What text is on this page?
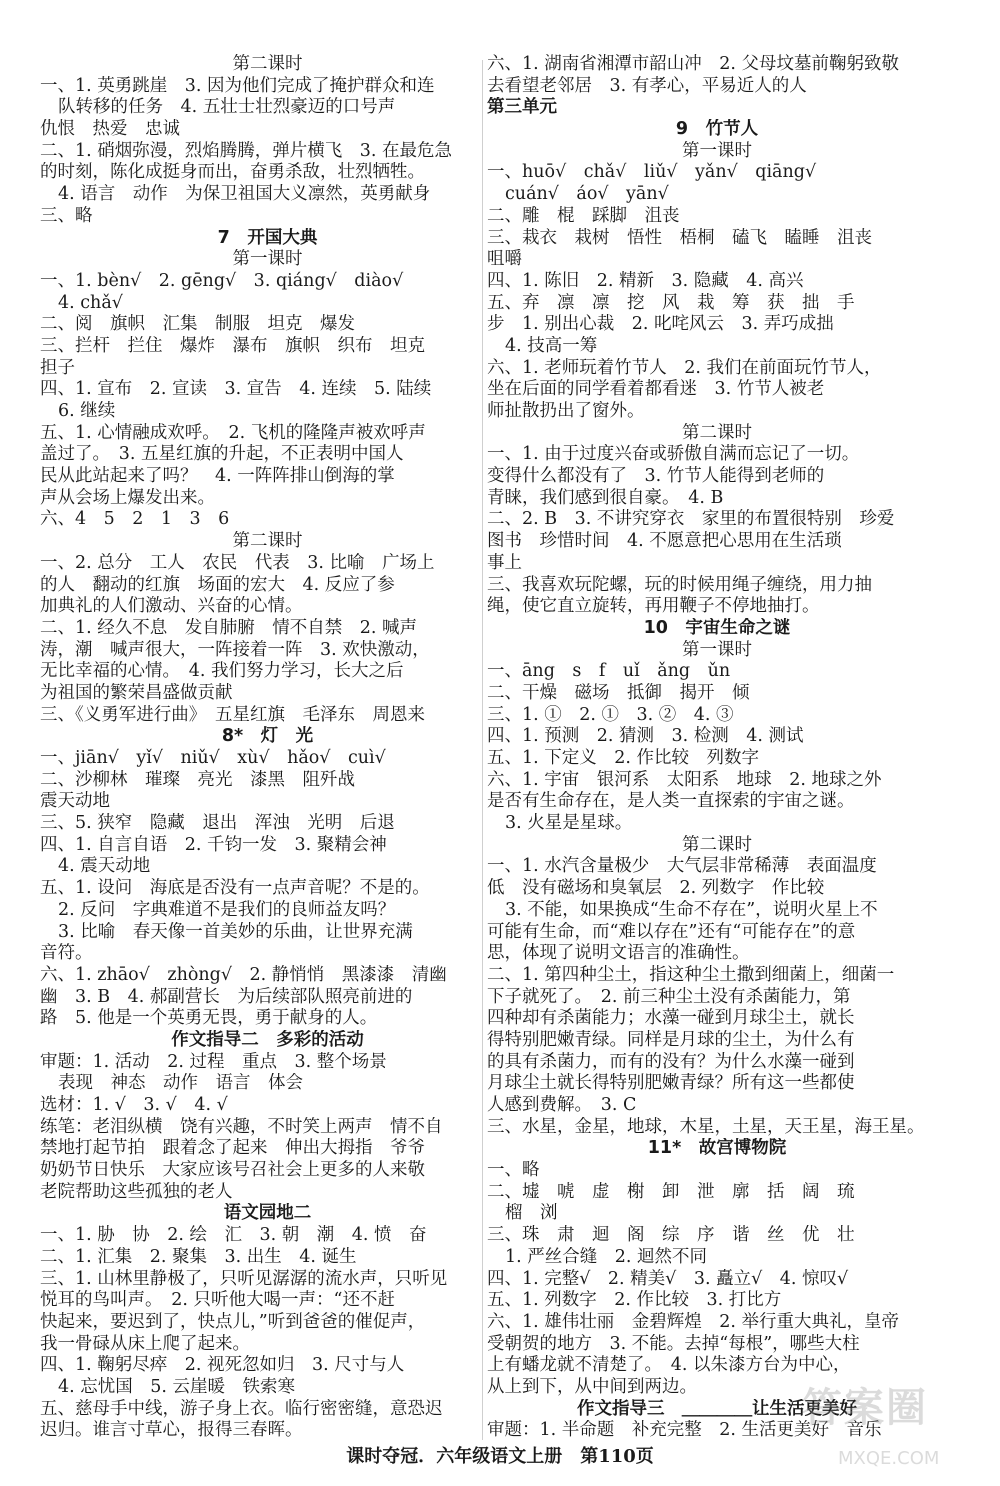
第二课时
一、1. 英勇跳崖　3. 因为他们完成了掩护群众和连
队转移的任务　4. 五壮士壮烈豪迈的口号声
仇恨　热爱　忠诚
二、1. 硝烟弥漫，烈焰腾腾，弹片横飞　3. 在最危急
的时刻，陈化成挺身而出，奋勇杀敌，壮烈牺牲。
4. 语言　动作　为保卫祖国大义凛然，英勇献身
三、略
7　开国大典
第一课时
一、1. bèn√　2. gēng√　3. qiáng√　diào√
4. chǎ√
二、阅　旗帜　汇集　制服　坦克　爆发
三、拦杆　拦住　爆炸　瀑布　旗帜　织布　坦克
担子
四、1. 宣布　2. 宣读　3. 宣告　4. 连续　5. 陆续
6. 继续
五、1. 心情融成欢呼。　2. 飞机的隆隆声被欢呼声
盖过了。　3. 五星红旗的升起，不正表明中国人
民从此站起来了吗？　4. 一阵阵排山倒海的掌
声从会场上爆发出来。
六、4　5　2　1　3　6
第二课时
一、2. 总分　工人　农民　代表　3. 比喻　广场上
的人　翻动的红旗　场面的宏大　4. 反应了参
加典礼的人们激动、兴奋的心情。
二、1. 经久不息　发自肺腑　情不自禁　2. 喊声
涛，潮　喊声很大，一阵接着一阵　3. 欢快激动，
无比幸福的心情。　4. 我们努力学习，长大之后
为祖国的繁荣昌盛做贡献
三、《义勇军进行曲》　五星红旗　毛泽东　周恩来
8*　灯　光
一、jiān√　yǐ√　niǔ√　xù√　hǎo√　cuì√
二、沙柳林　璀璨　亮光　漆黑　阻歼战
震天动地
三、5. 狭窄　隐藏　退出　浑浊　光明　后退
四、1. 自言自语　2. 千钧一发　3. 聚精会神
4. 震天动地
五、1. 设问　海底是否没有一点声音呢？不是的。
2. 反问　字典难道不是我们的良师益友吗？
3. 比喻　春天像一首美妙的乐曲，让世界充满
音符。
六、1. zhāo√　zhòng√　2. 静悄悄　黑漆漆　清幽
幽　3. B　4. 郝副营长　为后续部队照亮前进的
路　5. 他是一个英勇无畏，勇于献身的人。
作文指导二　多彩的活动
审题：1. 活动　2. 过程　重点　3. 整个场景
表现　神态　动作　语言　体会
选材：1. √　3. √　4. √
练笔：老泪纵横　饶有兴趣，不时笑上两声　情不自
禁地打起节拍　跟着念了起来　伸出大拇指　爷爷
奶奶节日快乐　大家应该号召社会上更多的人来敬
老院帮助这些孤独的老人
语文园地二
一、1. 胁　协　2. 绘　汇　3. 朝　潮　4. 愤　奋
二、1. 汇集　2. 聚集　3. 出生　4. 诞生
三、1. 山林里静极了，只听见潺潺的流水声，只听见
悦耳的鸟叫声。　2. 只听他大喝一声：“还不赶
快起来，要迟到了，快点儿，”听到爸爸的催促声，
我一骨碌从床上爬了起来。
四、1. 鞠躬尽瘁　2. 视死忽如归　3. 尺寸与人
4. 忘忧国　5. 云崖暖　铁索寒
五、慈母手中线，游子身上衣。临行密密缝，意恐迟
迟归。谁言寸草心，报得三春晖。
六、1. 湖南省湘潭市韶山冲　2. 父母坟墓前鞠躬致敬
去看望老邻居　3. 有孝心，平易近人的人
第三单元
9　竹节人
第一课时
一、huō√　chǎ√　liǔ√　yǎn√　qiāng√
cuán√　áo√　yān√
二、雕　棍　踩脚　沮丧
三、栽衣　栽树　悟性　梧桐　磕飞　瞌睡　沮丧
咀嚼
四、1. 陈旧　2. 精新　3. 隐藏　4. 高兴
五、弃　凛　凛　挖　风　栽　筹　获　拙　手
步　1. 别出心裁　2. 叱咤风云　3. 弄巧成拙
4. 技高一筹
六、1. 老师玩着竹节人　2. 我们在前面玩竹节人，
坐在后面的同学看着都看迷　3. 竹节人被老
师扯散扔出了窗外。
第二课时
一、1. 由于过度兴奋或骄傲自满而忘记了一切。
变得什么都没有了　3. 竹节人能得到老师的
青睐，我们感到很自豪。　4. B
二、2. B　3. 不讲究穿衣　家里的布置很特别　珍爱
图书　珍惜时间　4. 不愿意把心思用在生活琐
事上
三、我喜欢玩陀螺，玩的时候用绳子缠绕，用力抽
绳，使它直立旋转，再用鞭子不停地抽打。
10　宇宙生命之谜
第一课时
一、āng　s　f　uǐ　ǎng　ǔn
二、干燥　磁场　抵御　揭开　倾
三、1. ①　2. ①　3. ②　4. ③
四、1. 预测　2. 猜测　3. 检测　4. 测试
五、1. 下定义　2. 作比较　列数字
六、1. 宇宙　银河系　太阳系　地球　2. 地球之外
是否有生命存在，是人类一直探索的宇宙之谜。
3. 火星是星球。
第二课时
一、1. 水汽含量极少　大气层非常稀薄　表面温度
低　没有磁场和臭氧层　2. 列数字　作比较
3. 不能，如果换成“生命不存在”，说明火星上不
可能有生命，而“难以存在”还有“可能存在”的意
思，体现了说明文语言的准确性。
二、1. 第四种尘土，指这种尘土撒到细菌上，细菌一
下子就死了。　2. 前三种尘土没有杀菌能力，第
四种却有杀菌能力；水藻一碰到月球尘土，就长
得特别肥嫩青绿。同样是月球的尘土，为什么有
的具有杀菌力，而有的没有？为什么水藻一碰到
月球尘土就长得特别肥嫩青绿？所有这一些都使
人感到费解。　3. C
三、水星，金星，地球，木星，土星，天王星，海王星。
11*　故宫博物院
一、略
二、墟　唬　虚　榭　卸　泄　廓　括　阔　琉
榴　浏
三、珠　肃　迴　阁　综　序　谐　丝　优　壮
1. 严丝合缝　2. 迴然不同
四、1. 完整√　2. 精美√　3. 矗立√　4. 惊叹√
五、1. 列数字　2. 作比较　3. 打比方
六、1. 雄伟壮丽　金碧辉煌　2. 举行重大典礼，皇帝
受朝贺的地方　3. 不能。去掉“每根”，哪些大柱
上有蟠龙就不清楚了。　4. 以朱漆方台为中心，
从上到下，从中间到两边。
作文指导三　＿＿＿＿让生活更美好
审题：1. 半命题　补充完整　2. 生活更美好　音乐
课时夺冠．六年级语文上册　第110页
答案圈
MXQE.COM
